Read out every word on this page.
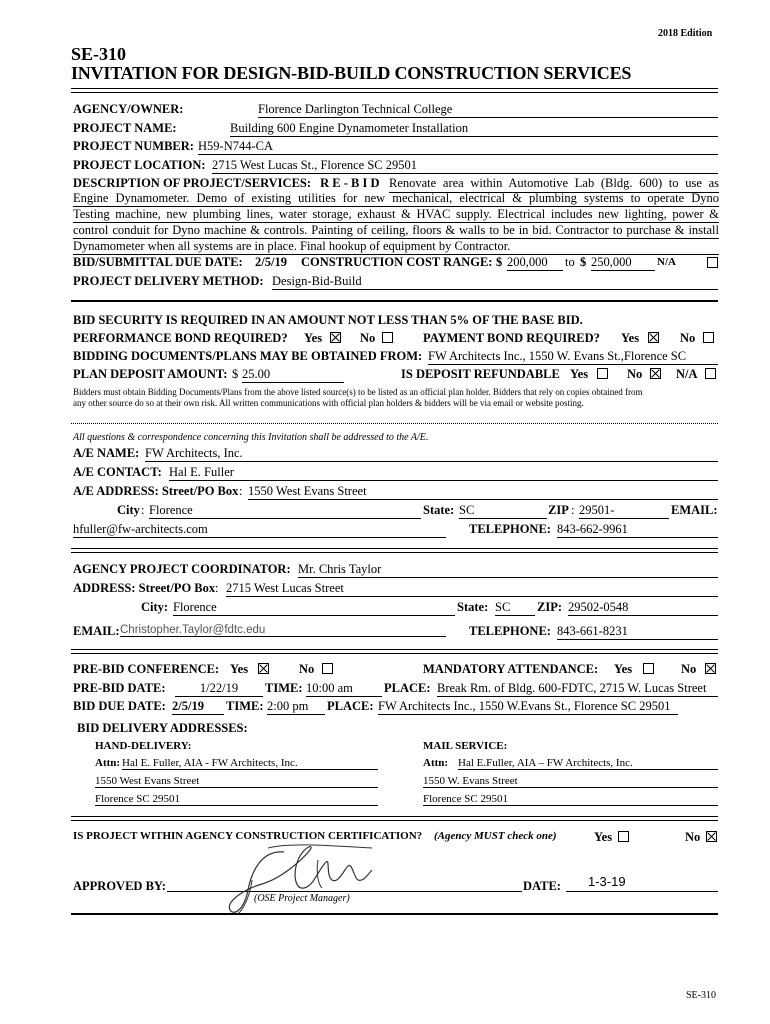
2018 Edition
SE-310
INVITATION FOR DESIGN-BID-BUILD CONSTRUCTION SERVICES
AGENCY/OWNER:	Florence Darlington Technical College
PROJECT NAME:	Building 600 Engine Dynamometer Installation
PROJECT NUMBER: H59-N744-CA
PROJECT LOCATION: 2715 West Lucas St., Florence SC 29501
DESCRIPTION OF PROJECT/SERVICES: R E - B I D Renovate area within Automotive Lab (Bldg. 600) to use as
Engine Dynamometer. Demo of existing utilities for new mechanical, electrical & plumbing systems to operate Dyno
Testing machine, new plumbing lines, water storage, exhaust & HVAC supply. Electrical includes new lighting, power &
control conduit for Dyno machine & controls. Painting of ceiling, floors & walls to be in bid. Contractor to purchase & install
Dynamometer when all systems are in place. Final hookup of equipment by Contractor.
BID/SUBMITTAL DUE DATE: 2/5/19 CONSTRUCTION COST RANGE: $ 200,000	to $ 250,000	N/A
PROJECT DELIVERY METHOD: Design-Bid-Build
BID SECURITY IS REQUIRED IN AN AMOUNT NOT LESS THAN 5% OF THE BASE BID.
PERFORMANCE BOND REQUIRED? Yes	No	PAYMENT BOND REQUIRED? Yes	No
BIDDING DOCUMENTS/PLANS MAY BE OBTAINED FROM: FW Architects Inc., 1550 W. Evans St.,Florence SC
PLAN DEPOSIT AMOUNT: $ 25.00	IS DEPOSIT REFUNDABLE Yes	No	N/A
Bidders must obtain Bidding Documents/Plans from the above listed source(s) to be listed as an official plan holder. Bidders that rely on copies obtained from
any other source do so at their own risk. All written communications with official plan holders & bidders will be via email or website posting.
All questions & correspondence concerning this Invitation shall be addressed to the A/E.
A/E NAME: FW Architects, Inc.
A/E CONTACT: Hal E. Fuller
A/E ADDRESS: Street/PO Box : 1550 West Evans Street
City : Florence	State: SC	ZIP : 29501-	EMAIL:
hfuller@fw-architects.com	TELEPHONE: 843-662-9961
AGENCY PROJECT COORDINATOR: Mr. Chris Taylor
ADDRESS: Street/PO Box : 2715 West Lucas Street
City: Florence	State: SC	ZIP: 29502-0548
EMAIL: Christopher.Taylor@fdtc.edu	TELEPHONE: 843-661-8231
PRE-BID CONFERENCE: Yes	No	MANDATORY ATTENDANCE: Yes	No
PRE-BID DATE:	1/22/19	TIME: 10:00 am	PLACE: Break Rm. of Bldg. 600-FDTC, 2715 W. Lucas Street
BID DUE DATE: 2/5/19	TIME: 2:00 pm	PLACE: FW Architects Inc., 1550 W.Evans St., Florence SC 29501
BID DELIVERY ADDRESSES:
HAND-DELIVERY:	MAIL SERVICE:
Attn: Hal E. Fuller, AIA - FW Architects, Inc.	Attn: Hal E.Fuller, AIA – FW Architects, Inc.
1550 West Evans Street	1550 W. Evans Street
Florence SC 29501	Florence SC 29501
IS PROJECT WITHIN AGENCY CONSTRUCTION CERTIFICATION? (Agency MUST check one)	Yes	No
APPROVED BY:
(OSE Project Manager)
DATE: 1-3-19
SE-310
